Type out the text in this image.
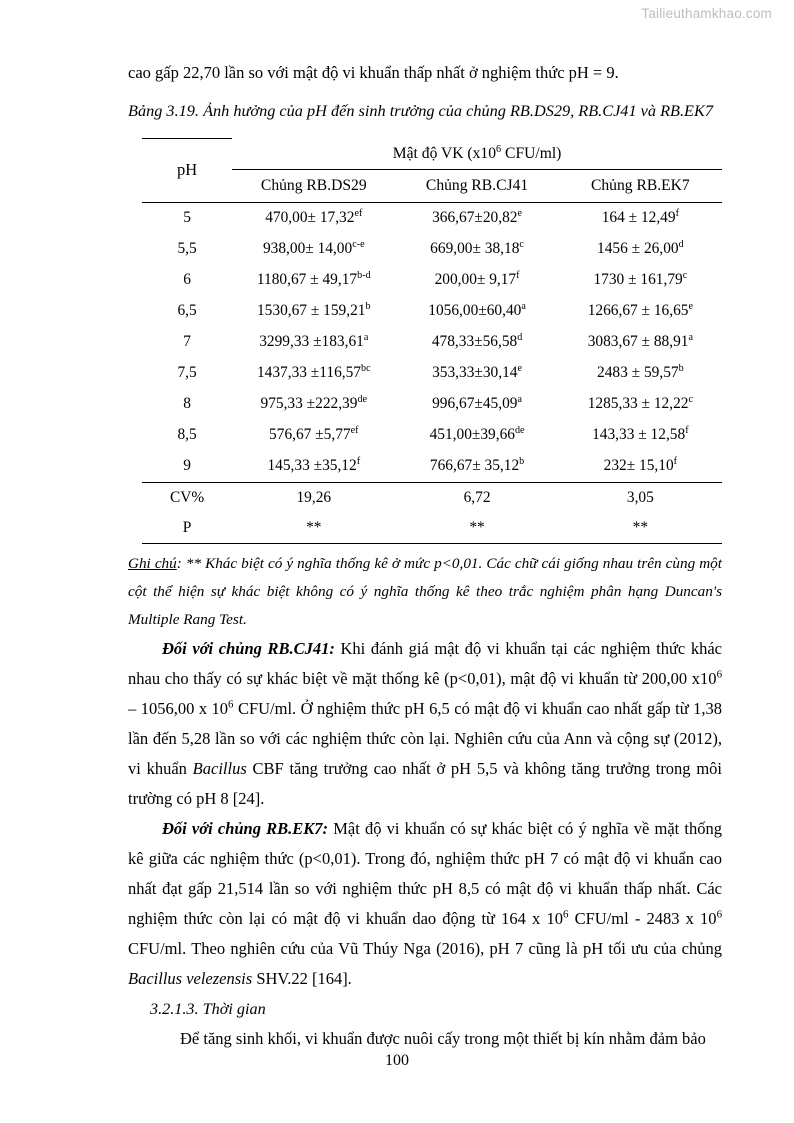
Tailieuthamkhao.com

cao gấp 22,70 lần so với mật độ vi khuẩn thấp nhất ở nghiệm thức pH = 9.

Bảng 3.19. Ảnh hưởng của pH đến sinh trưởng của chủng RB.DS29, RB.CJ41 và RB.EK7

pH	Mật độ VK ($x10^6$ CFU/ml)		
	Chủng RB.DS29	Chủng RB.CJ41	Chủng RB.EK7
5	470,00± 17,32$^{ef}$	366,67±20,82$^e$	164 ± 12,49$^f$
5,5	$938,00\pm 14,00^{c-e}$	669,00± 38,18$^c$	1456 ± 26,00$^d$
6	$1180,67 \pm 49,17^{b-d}$	200,00± 9,17$^f$	1730 ± 161,79$^c$
6,5	1530,67 ± 159,21$^b$	1056,00±60,40$^a$	1266,67 ± 16,65$^e$
7	3299,33 ±183,61$^a$	478,33±56,58$^d$	3083,67 ± 88,91$^a$
7,5	1437,33 ±116,57$^{bc}$	353,33±30,14$^e$	2483 ± 59,57$^b$
8	975,33 ±222,39de	996,67±45,09$^a$	1285,33 ± 12,22$^c$
8,5	576,67 ±5,77$^{ef}$	451,00±39,66de	143,33 ± 12,58$^f$
9	145,33 ±35,12$^f$	766,67± 35,12$^b$	232± 15,10$^f$
CV%	19,26	6,72	3,05
P	**	**	**

Ghi chú: ** Khác biệt có ý nghĩa thống kê ở mức p<0,01. Các chữ cái giống nhau trên cùng một cột thể hiện sự khác biệt không có ý nghĩa thống kê theo trắc nghiệm phân hạng Duncan's Multiple Rang Test.

Đối với chủng RB.CJ41: Khi đánh giá mật độ vi khuẩn tại các nghiệm thức khác nhau cho thấy có sự khác biệt về mặt thống kê (p<0,01), mật độ vi khuẩn từ 200,00 $x10^6 - 1056,00$ x $10^6$ CFU/ml. Ở nghiệm thức pH 6,5 có mật độ vi khuẩn cao nhất gấp từ 1,38 lần đến 5,28 lần so với các nghiệm thức còn lại. Nghiên cứu của Ann và cộng sự (2012), vi khuẩn Bacillus CBF tăng trưởng cao nhất ở pH 5,5 và không tăng trưởng trong môi trường có pH 8 [24].

Đối với chủng RB.EK7: Mật độ vi khuẩn có sự khác biệt có ý nghĩa về mặt thống kê giữa các nghiệm thức (p<0,01). Trong đó, nghiệm thức pH 7 có mật độ vi khuẩn cao nhất đạt gấp 21,514 lần so với nghiệm thức pH 8,5 có mật độ vi khuẩn thấp nhất. Các nghiệm thức còn lại có mật độ vi khuẩn dao động từ 164 x $10^6$ CFU/ml - 2483 x $10^6$ CFU/ml. Theo nghiên cứu của Vũ Thúy Nga (2016), pH 7 cũng là pH tối ưu của chủng Bacillus velezensis SHV.22 [164].

3.2.1.3. Thời gian

Để tăng sinh khối, vi khuẩn được nuôi cấy trong một thiết bị kín nhằm đảm bảo

100
